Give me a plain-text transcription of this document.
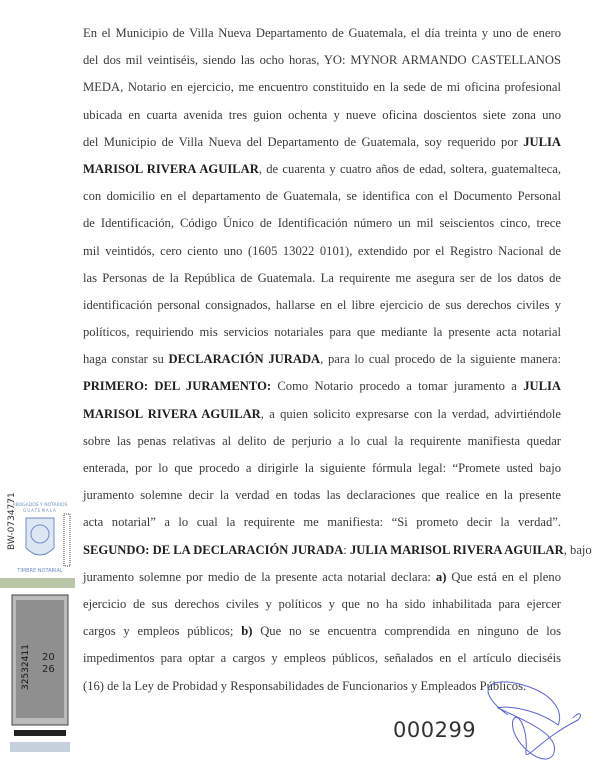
En el Municipio de Villa Nueva Departamento de Guatemala, el día treinta y uno de enero
del dos mil veintiséis, siendo las ocho horas, YO: MYNOR ARMANDO CASTELLANOS
MEDA, Notario en ejercicio, me encuentro constituido en la sede de mi oficina profesional
ubicada en cuarta avenida tres guion ochenta y nueve oficina doscientos siete zona uno
del Municipio de Villa Nueva del Departamento de Guatemala, soy requerido por JULIA
MARISOL RIVERA AGUILAR, de cuarenta y cuatro años de edad, soltera, guatemalteca,
con domicilio en el departamento de Guatemala, se identifica con el Documento Personal
de Identificación, Código Único de Identificación número un mil seiscientos cinco, trece
mil veintidós, cero ciento uno (1605 13022 0101), extendido por el Registro Nacional de
las Personas de la República de Guatemala. La requirente me asegura ser de los datos de
identificación personal consignados, hallarse en el libre ejercicio de sus derechos civiles y
políticos, requiriendo mis servicios notariales para que mediante la presente acta notarial
haga constar su DECLARACIÓN JURADA, para lo cual procedo de la siguiente manera:
PRIMERO: DEL JURAMENTO: Como Notario procedo a tomar juramento a JULIA
MARISOL RIVERA AGUILAR, a quien solicito expresarse con la verdad, advirtiéndole
sobre las penas relativas al delito de perjurio a lo cual la requirente manifiesta quedar
enterada, por lo que procedo a dirigirle la siguiente fórmula legal: “Promete usted bajo
juramento solemne decir la verdad en todas las declaraciones que realice en la presente
acta notarial” a lo cual la requirente me manifiesta: “Si prometo decir la verdad”.
SEGUNDO: DE LA DECLARACIÓN JURADA: JULIA MARISOL RIVERA AGUILAR, bajo
juramento solemne por medio de la presente acta notarial declara: a) Que está en el pleno
ejercicio de sus derechos civiles y políticos y que no ha sido inhabilitada para ejercer
cargos y empleos públicos; b) Que no se encuentra comprendida en ninguno de los
impedimentos para optar a cargos y empleos públicos, señalados en el artículo dieciséis
(16) de la Ley de Probidad y Responsabilidades de Funcionarios y Empleados Públicos.
000299
ABOGADOS Y NOTARIOS
GUATEMALA
BW-0734771
TIMBRE NOTARIAL
32532411 20
26
